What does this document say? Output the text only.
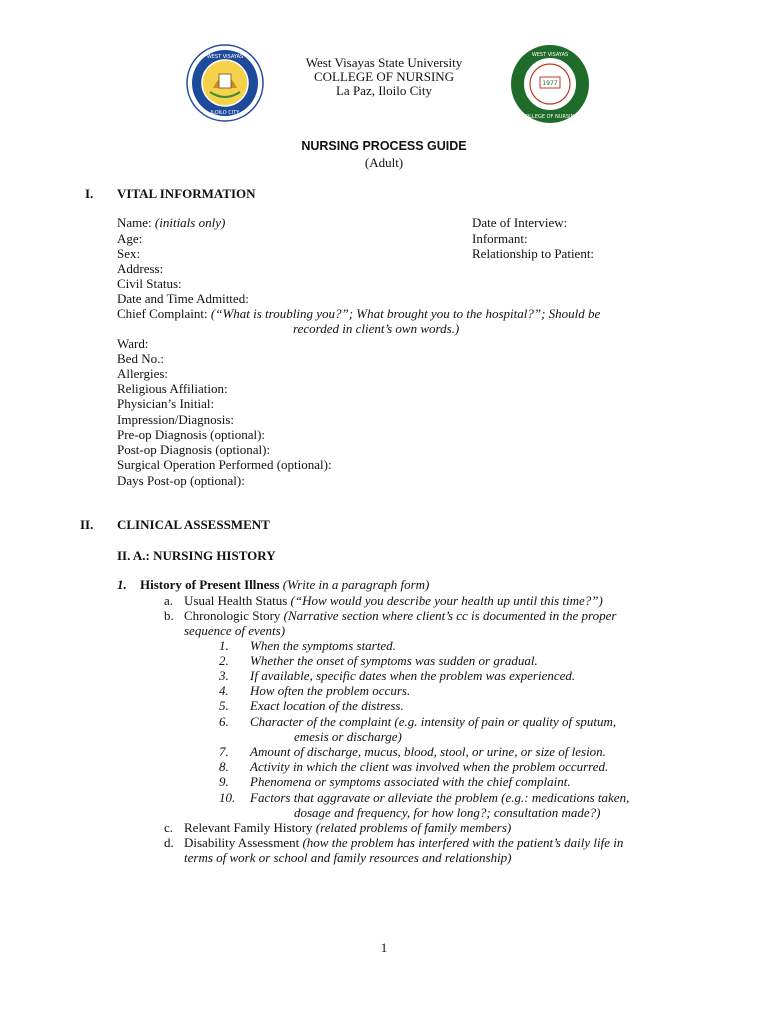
WEST VISAYAS
ILOILO CITY
West Visayas State University
COLLEGE OF NURSING
La Paz, Iloilo City	1977
WEST VISAYAS
COLLEGE OF NURSING
NURSING PROCESS GUIDE
(Adult)
I. VITAL INFORMATION
Name: (initials only)
Age:
Sex:
Address:
Civil Status:
Date and Time Admitted:
Date of Interview:
Informant:
Relationship to Patient:
Chief Complaint: (“What is troubling you?”; What brought you to the hospital?”; Should be
recorded in client’s own words.)
Ward:
Bed No.:
Allergies:
Religious Affiliation:
Physician’s Initial:
Impression/Diagnosis:
Pre-op Diagnosis (optional):
Post-op Diagnosis (optional):
Surgical Operation Performed (optional):
Days Post-op (optional):
II. CLINICAL ASSESSMENT
II. A.: NURSING HISTORY
1. History of Present Illness (Write in a paragraph form)
a. Usual Health Status (“How would you describe your health up until this time?”)
b. Chronologic Story (Narrative section where client’s cc is documented in the proper
sequence of events)
1. When the symptoms started.
2. Whether the onset of symptoms was sudden or gradual.
3. If available, specific dates when the problem was experienced.
4. How often the problem occurs.
5. Exact location of the distress.
6. Character of the complaint (e.g. intensity of pain or quality of sputum,
emesis or discharge)
7. Amount of discharge, mucus, blood, stool, or urine, or size of lesion.
8. Activity in which the client was involved when the problem occurred.
9. Phenomena or symptoms associated with the chief complaint.
10. Factors that aggravate or alleviate the problem (e.g.: medications taken,
dosage and frequency, for how long?; consultation made?)
c. Relevant Family History (related problems of family members)
d. Disability Assessment (how the problem has interfered with the patient’s daily life in
terms of work or school and family resources and relationship)
1
